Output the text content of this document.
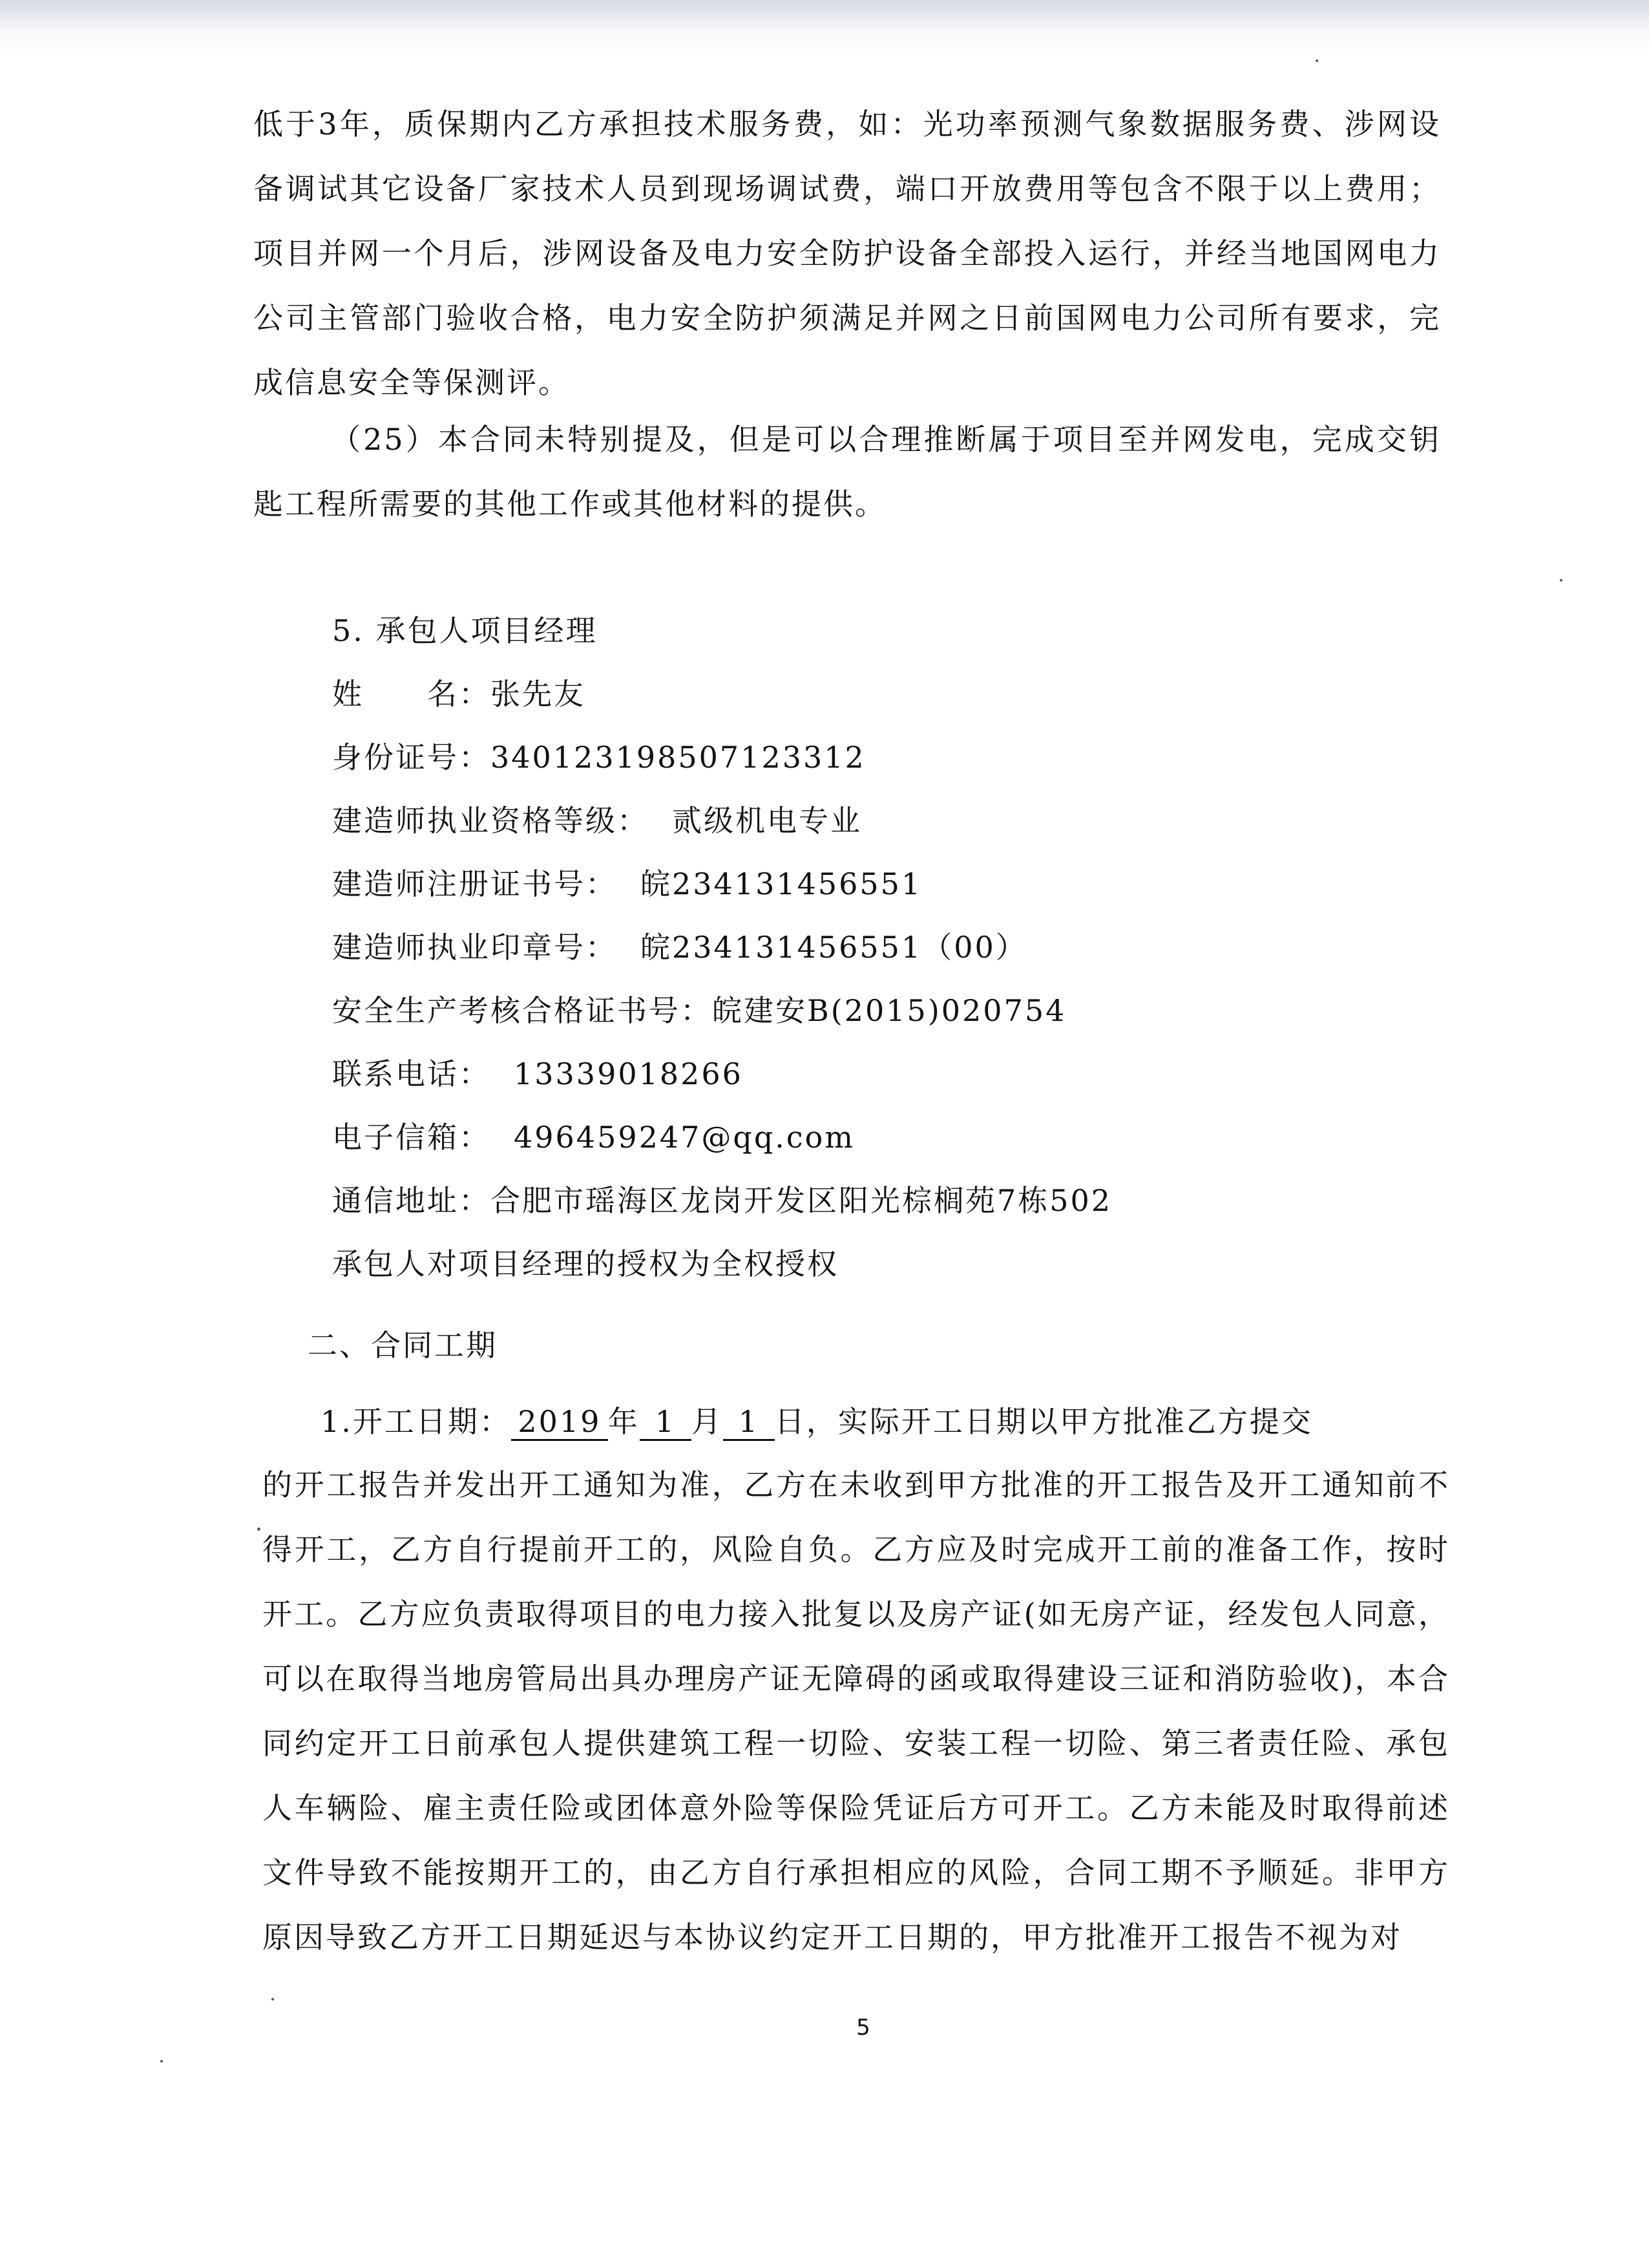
低于3年，质保期内乙方承担技术服务费，如：光功率预测气象数据服务费、涉网设备调试其它设备厂家技术人员到现场调试费，端口开放费用等包含不限于以上费用；项目并网一个月后，涉网设备及电力安全防护设备全部投入运行，并经当地国网电力公司主管部门验收合格，电力安全防护须满足并网之日前国网电力公司所有要求，完成信息安全等保测评。
（25）本合同未特别提及，但是可以合理推断属于项目至并网发电，完成交钥匙工程所需要的其他工作或其他材料的提供。
5. 承包人项目经理
姓　　名：张先友
身份证号：340123198507123312
建造师执业资格等级： 贰级机电专业
建造师注册证书号： 皖234131456551
建造师执业印章号： 皖234131456551（00）
安全生产考核合格证书号：皖建安B(2015)020754
联系电话： 13339018266
电子信箱： 496459247@qq.com
通信地址：合肥市瑶海区龙岗开发区阳光棕榈苑7栋502
承包人对项目经理的授权为全权授权
二、合同工期
1.开工日期： 2019 年 1 月 1 日，实际开工日期以甲方批准乙方提交
的开工报告并发出开工通知为准，乙方在未收到甲方批准的开工报告及开工通知前不得开工，乙方自行提前开工的，风险自负。乙方应及时完成开工前的准备工作，按时开工。乙方应负责取得项目的电力接入批复以及房产证(如无房产证，经发包人同意，可以在取得当地房管局出具办理房产证无障碍的函或取得建设三证和消防验收)，本合同约定开工日前承包人提供建筑工程一切险、安装工程一切险、第三者责任险、承包人车辆险、雇主责任险或团体意外险等保险凭证后方可开工。乙方未能及时取得前述文件导致不能按期开工的，由乙方自行承担相应的风险，合同工期不予顺延。非甲方原因导致乙方开工日期延迟与本协议约定开工日期的，甲方批准开工报告不视为对
5
